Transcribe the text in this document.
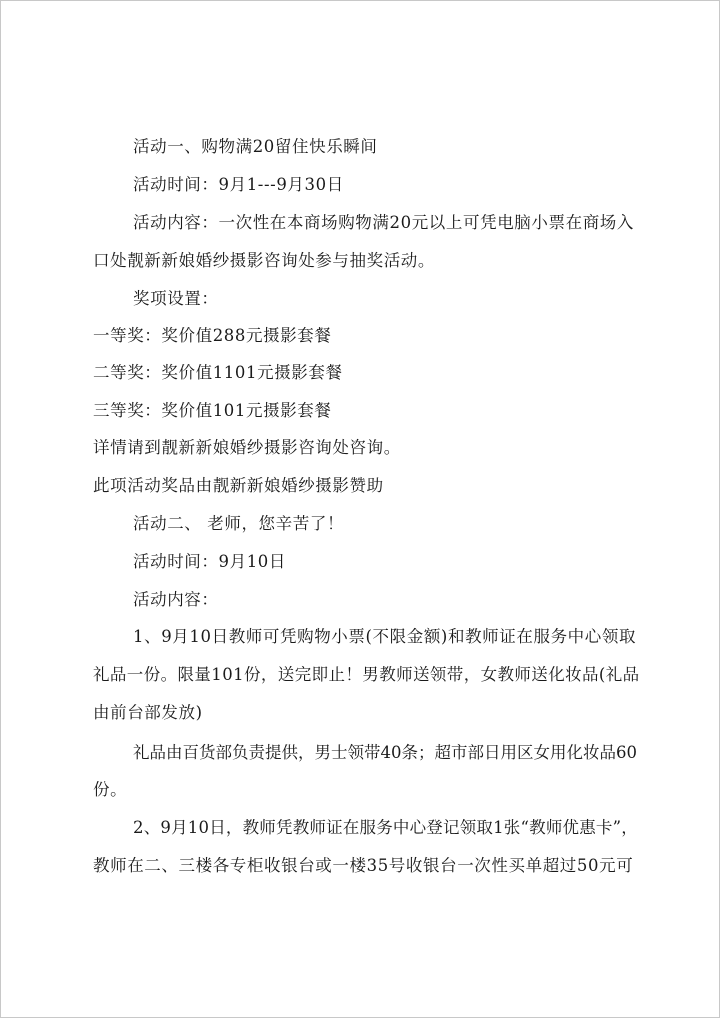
活动一、购物满20留住快乐瞬间
活动时间：9月1---9月30日
活动内容：一次性在本商场购物满20元以上可凭电脑小票在商场入
口处靓新新娘婚纱摄影咨询处参与抽奖活动。
奖项设置：
一等奖：奖价值288元摄影套餐
二等奖：奖价值1101元摄影套餐
三等奖：奖价值101元摄影套餐
详情请到靓新新娘婚纱摄影咨询处咨询。
此项活动奖品由靓新新娘婚纱摄影赞助
活动二、 老师，您辛苦了！
活动时间：9月10日
活动内容：
1、9月10日教师可凭购物小票(不限金额)和教师证在服务中心领取
礼品一份。限量101份，送完即止！男教师送领带，女教师送化妆品(礼品
由前台部发放)
礼品由百货部负责提供，男士领带40条；超市部日用区女用化妆品60
份。
2、9月10日，教师凭教师证在服务中心登记领取1张“教师优惠卡”，
教师在二、三楼各专柜收银台或一楼35号收银台一次性买单超过50元可
